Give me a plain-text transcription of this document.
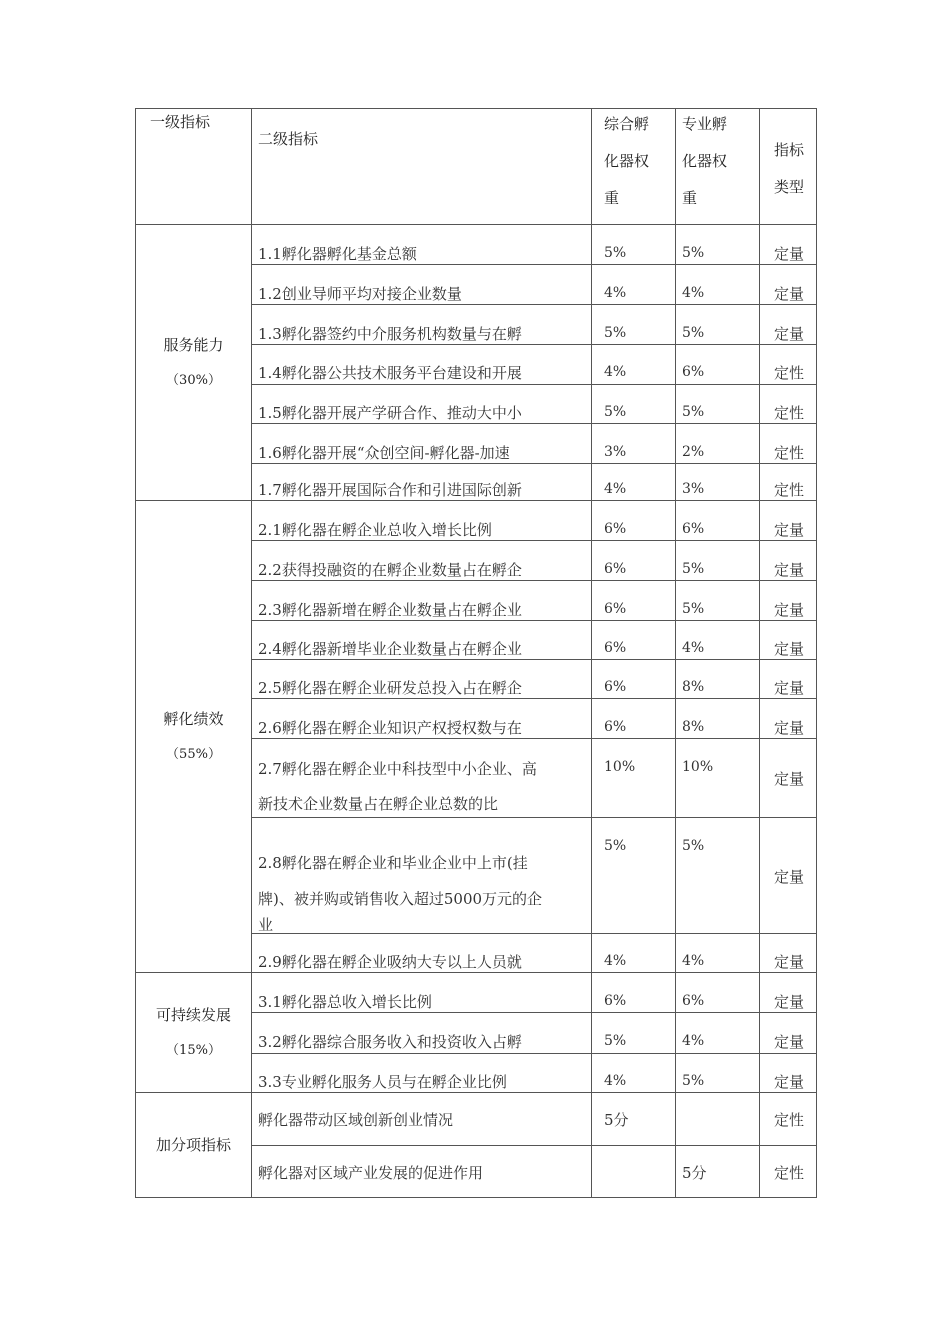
一级指标	二级指标	综合孵
化器权
重	专业孵
化器权
重	指标
类型

服务能力
（30%）	1.1孵化器孵化基金总额	5%	5%	定量

	1.2创业导师平均对接企业数量	4%	4%	定量

	1.3孵化器签约中介服务机构数量与在孵	5%	5%	定量

	1.4孵化器公共技术服务平台建设和开展	4%	6%	定性

	1.5孵化器开展产学研合作、推动大中小	5%	5%	定性

	1.6孵化器开展“众创空间-孵化器-加速	3%	2%	定性

	1.7孵化器开展国际合作和引进国际创新	4%	3%	定性

孵化绩效
（55%）	2.1孵化器在孵企业总收入增长比例	6%	6%	定量

	2.2获得投融资的在孵企业数量占在孵企	6%	5%	定量

	2.3孵化器新增在孵企业数量占在孵企业	6%	5%	定量

	2.4孵化器新增毕业企业数量占在孵企业	6%	4%	定量

	2.5孵化器在孵企业研发总投入占在孵企	6%	8%	定量

	2.6孵化器在孵企业知识产权授权数与在	6%	8%	定量

	2.7孵化器在孵企业中科技型中小企业、高
新技术企业数量占在孵企业总数的比	10%	10%	定量

	2.8孵化器在孵企业和毕业企业中上市(挂
牌)、被并购或销售收入超过5000万元的企
业	5%	5%	定量

	2.9孵化器在孵企业吸纳大专以上人员就	4%	4%	定量

可持续发展
（15%）	3.1孵化器总收入增长比例	6%	6%	定量

	3.2孵化器综合服务收入和投资收入占孵	5%	4%	定量

	3.3专业孵化服务人员与在孵企业比例	4%	5%	定量

加分项指标	孵化器带动区域创新创业情况	5分		定性

	孵化器对区域产业发展的促进作用		5分	定性
